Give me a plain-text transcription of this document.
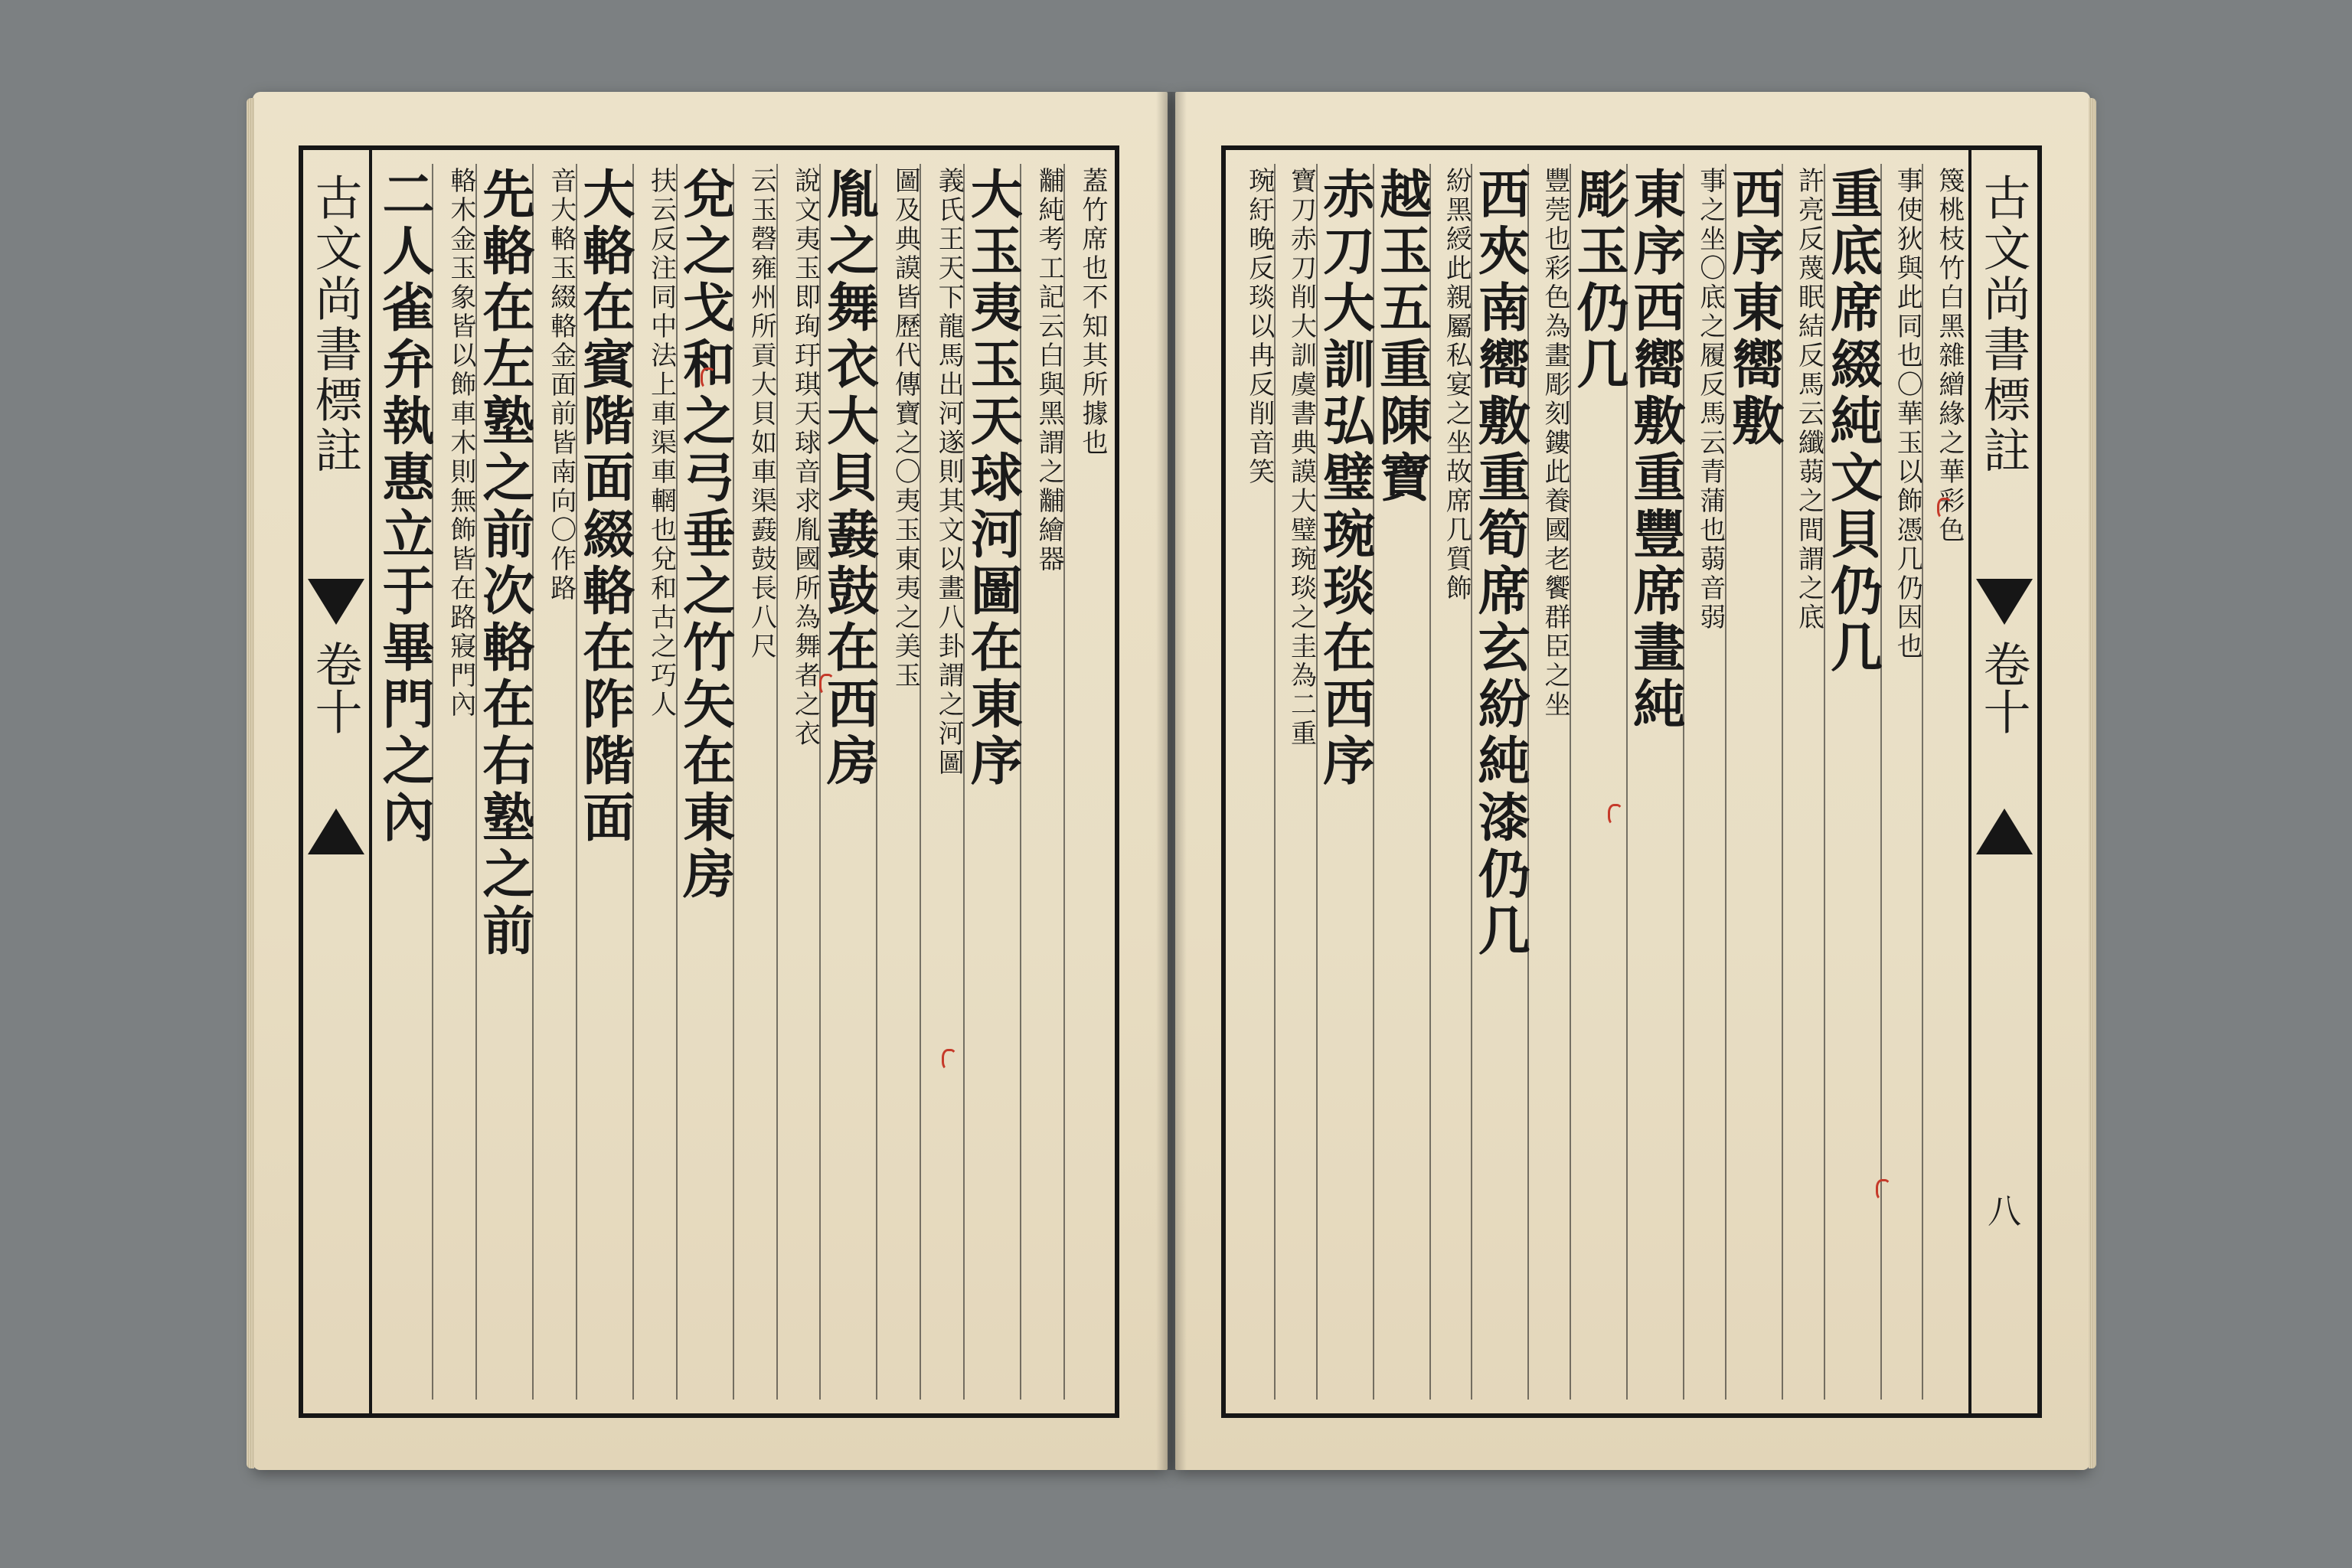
古文尚書標註
卷十
蓋竹席也不知其所據也
黼純考工記云白與黑謂之黼繪器
大玉夷玉天球河圖在東序
義氏王天下龍馬出河遂則其文以畫八卦謂之河圖
圖及典謨皆歷代傳寶之〇夷玉東夷之美玉
胤之舞衣大貝鼖鼓在西房
說文夷玉即珣玗琪天球音求胤國所為舞者之衣
云玉磬雍州所貢大貝如車渠鼖鼓長八尺
兌之戈和之弓垂之竹矢在東房
扶云反注同中法上車渠車輞也兌和古之巧人
大輅在賓階面綴輅在阼階面
音大輅玉綴輅金面前皆南向〇作路
先輅在左塾之前次輅在右塾之前
輅木金玉象皆以飾車木則無飾皆在路寢門內
二人雀弁執惠立于畢門之內	古文尚書標註
卷十
八
篾桃枝竹白黑雜繒緣之華彩色
事使狄與此同也〇華玉以飾憑几仍因也
重底席綴純文貝仍几
許亮反蔑眠結反馬云纖蒻之間謂之底
西序東嚮敷
事之坐〇底之履反馬云青蒲也蒻音弱
東序西嚮敷重豐席畫純
彫玉仍几
豐莞也彩色為畫彫刻鏤此養國老饗群臣之坐
西夾南嚮敷重筍席玄紛純漆仍几
紛黑綬此親屬私宴之坐故席几質飾
越玉五重陳寶
赤刀大訓弘璧琬琰在西序
寶刀赤刀削大訓虞書典謨大璧琬琰之圭為二重
琬紆晚反琰以冉反削音笑
